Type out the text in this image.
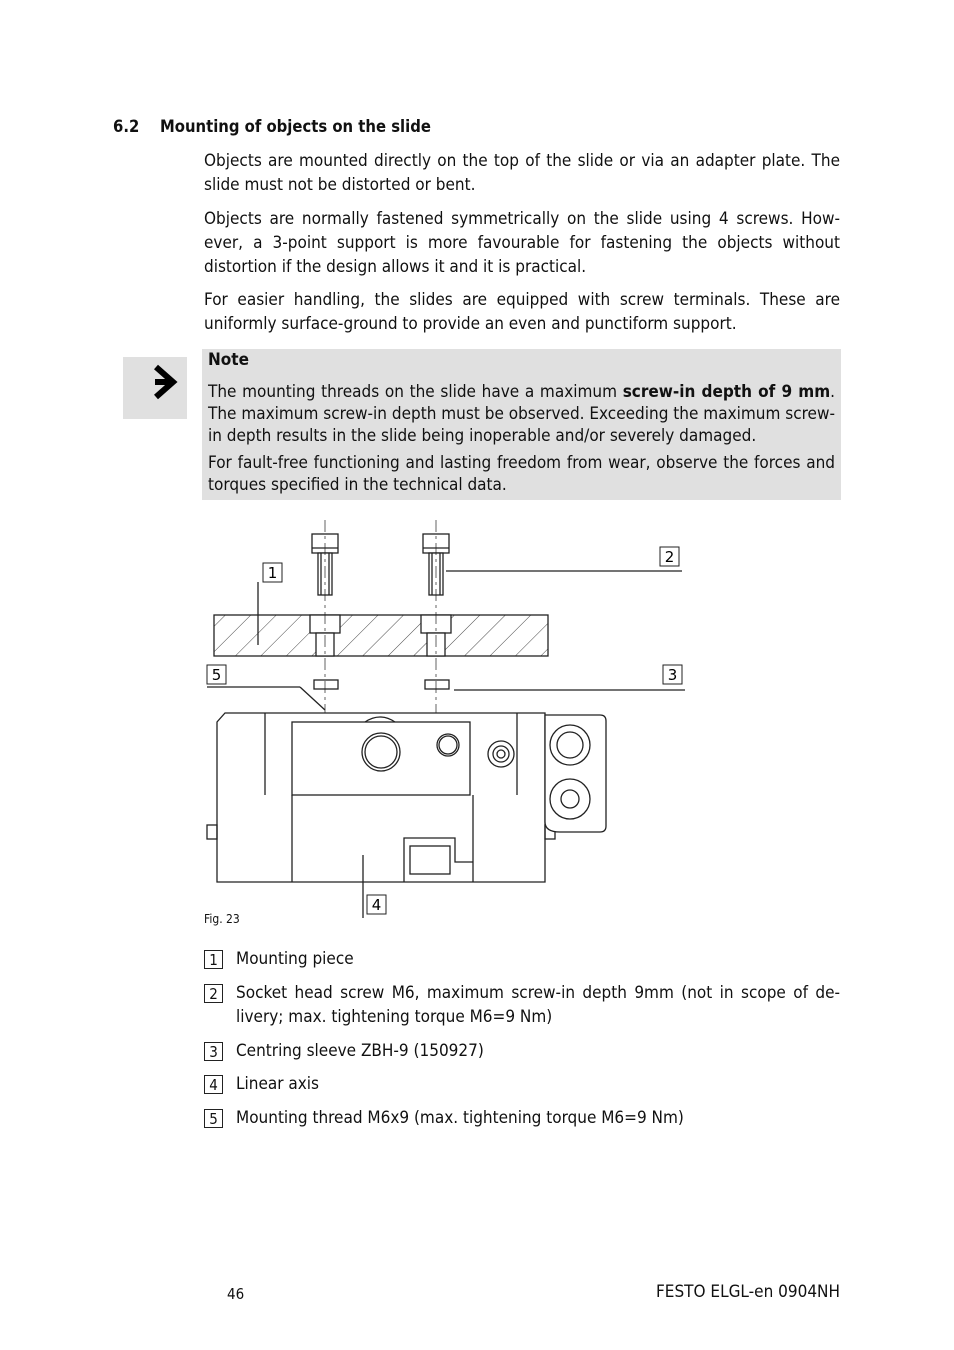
6.2 Mounting of objects on the slide
Objects are mounted directly on the top of the slide or via an adapter plate. The slide must not be distorted or bent.
Objects are normally fastened symmetrically on the slide using 4 screws. How-ever, a 3-point support is more favourable for fastening the objects without distortion if the design allows it and it is practical.
For easier handling, the slides are equipped with screw terminals. These are uniformly surface-ground to provide an even and punctiform support.
Note
The mounting threads on the slide have a maximum screw-in depth of 9 mm. The maximum screw-in depth must be observed. Exceeding the maximum screw-in depth results in the slide being inoperable and/or severely damaged.
For fault-free functioning and lasting freedom from wear, observe the forces and torques specified in the technical data.
1
2
3
4
5
Fig. 23
1	Mounting piece
2	Socket head screw M6, maximum screw-in depth 9mm (not in scope of de-livery; max. tightening torque M6=9 Nm)
3	Centring sleeve ZBH-9 (150927)
4	Linear axis
5	Mounting thread M6x9 (max. tightening torque M6=9 Nm)
46	FESTO ELGL-en 0904NH
